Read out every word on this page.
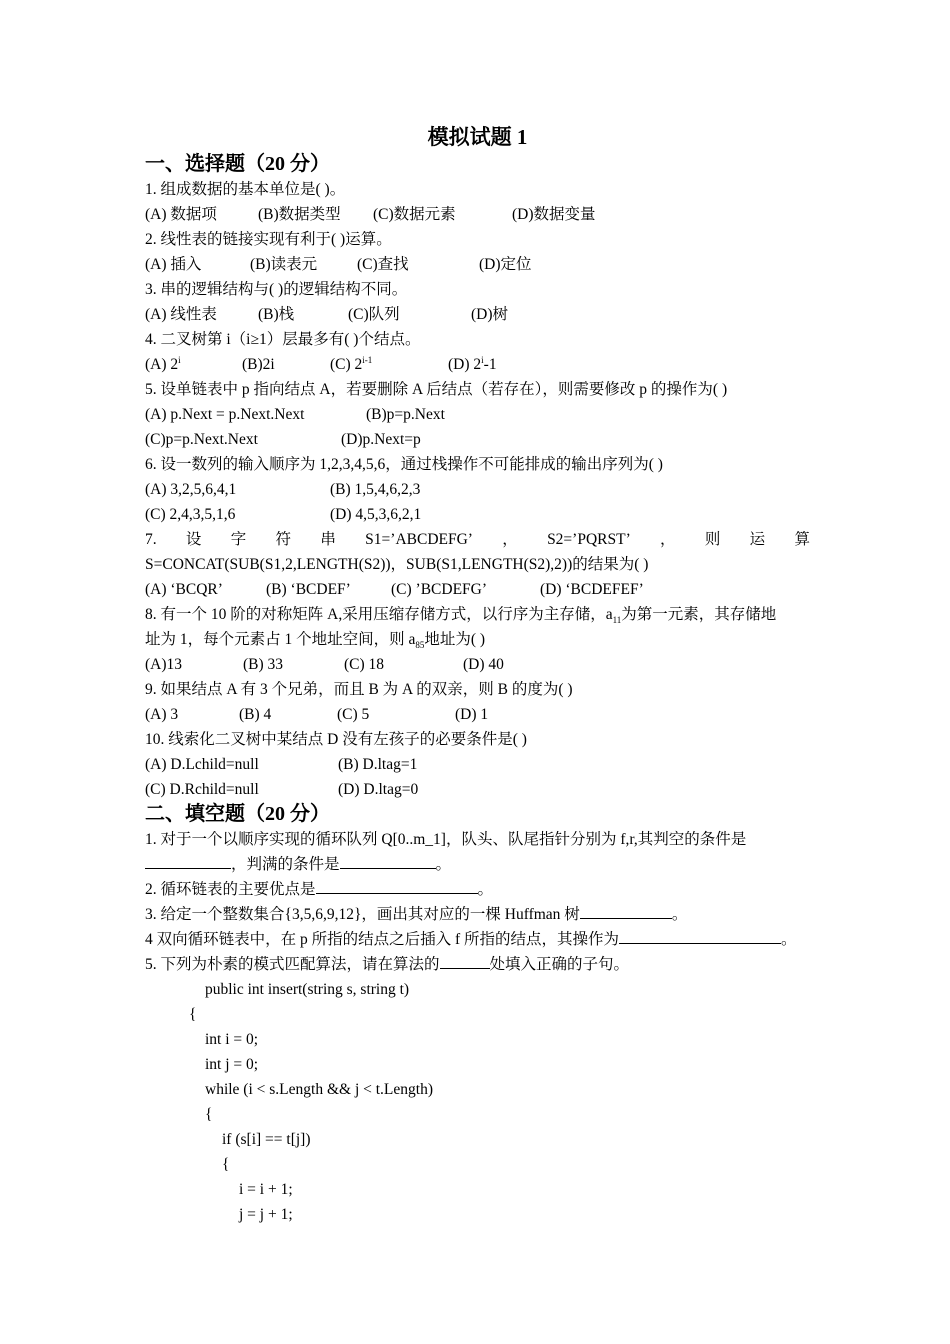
模拟试题 1
一、选择题（20 分）
1. 组成数据的基本单位是( )。
(A) 数据项	(B)数据类型 (C)数据元素	(D)数据变量
2. 线性表的链接实现有利于( )运算。
(A) 插入	(B)读表元	(C)查找	(D)定位
3. 串的逻辑结构与( )的逻辑结构不同。
(A) 线性表	(B)栈	(C)队列	(D)树
4. 二叉树第 i（i≥1）层最多有( )个结点。
(A) 2$^i$	(B)2i	(C) 2$^{i-1}$	(D) 2$^i$-1
5. 设单链表中 p 指向结点 A，若要删除 A 后结点（若存在），则需要修改 p 的操作为( )
(A) p.Next = p.Next.Next	(B)p=p.Next
(C)p=p.Next.Next	(D)p.Next=p
6. 设一数列的输入顺序为 1,2,3,4,5,6，通过栈操作不可能排成的输出序列为( )
(A) 3,2,5,6,4,1	(B) 1,5,4,6,2,3
(C) 2,4,3,5,1,6	(D) 4,5,3,6,2,1
7. 设 字 符 串 S1=’ABCDEFG’ ， S2=’PQRST’ ， 则 运 算
S=CONCAT(SUB(S1,2,LENGTH(S2))，SUB(S1,LENGTH(S2),2))的结果为( )
(A) ‘BCQR’	(B) ‘BCDEF’	(C) ’BCDEFG’	(D) ‘BCDEFEF’
8. 有一个 10 阶的对称矩阵 A,采用压缩存储方式，以行序为主存储，$a_{11}$为第一元素，其存储地
址为 1，每个元素占 1 个地址空间，则 $a_{85}$地址为( )
(A)13	(B) 33	(C) 18	(D) 40
9. 如果结点 A 有 3 个兄弟，而且 B 为 A 的双亲，则 B 的度为( )
(A) 3	(B) 4	(C) 5	(D) 1
10. 线索化二叉树中某结点 D 没有左孩子的必要条件是( )
(A) D.Lchild=null	(B) D.ltag=1
(C) D.Rchild=null	(D) D.ltag=0
二、填空题（20 分）
1. 对于一个以顺序实现的循环队列 Q[0..m_1]，队头、队尾指针分别为 f,r,其判空的条件是
，判满的条件是	。
2. 循环链表的主要优点是	。
3. 给定一个整数集合{3,5,6,9,12}，画出其对应的一棵 Huffman 树	。
4 双向循环链表中，在 p 所指的结点之后插入 f 所指的结点，其操作为	。
5. 下列为朴素的模式匹配算法，请在算法的	处填入正确的子句。
public int insert(string s, string t)
{
int i = 0;
int j = 0;
while (i < s.Length && j < t.Length)
{
if (s[i] == t[j])
{
i = i + 1;
j = j + 1;
